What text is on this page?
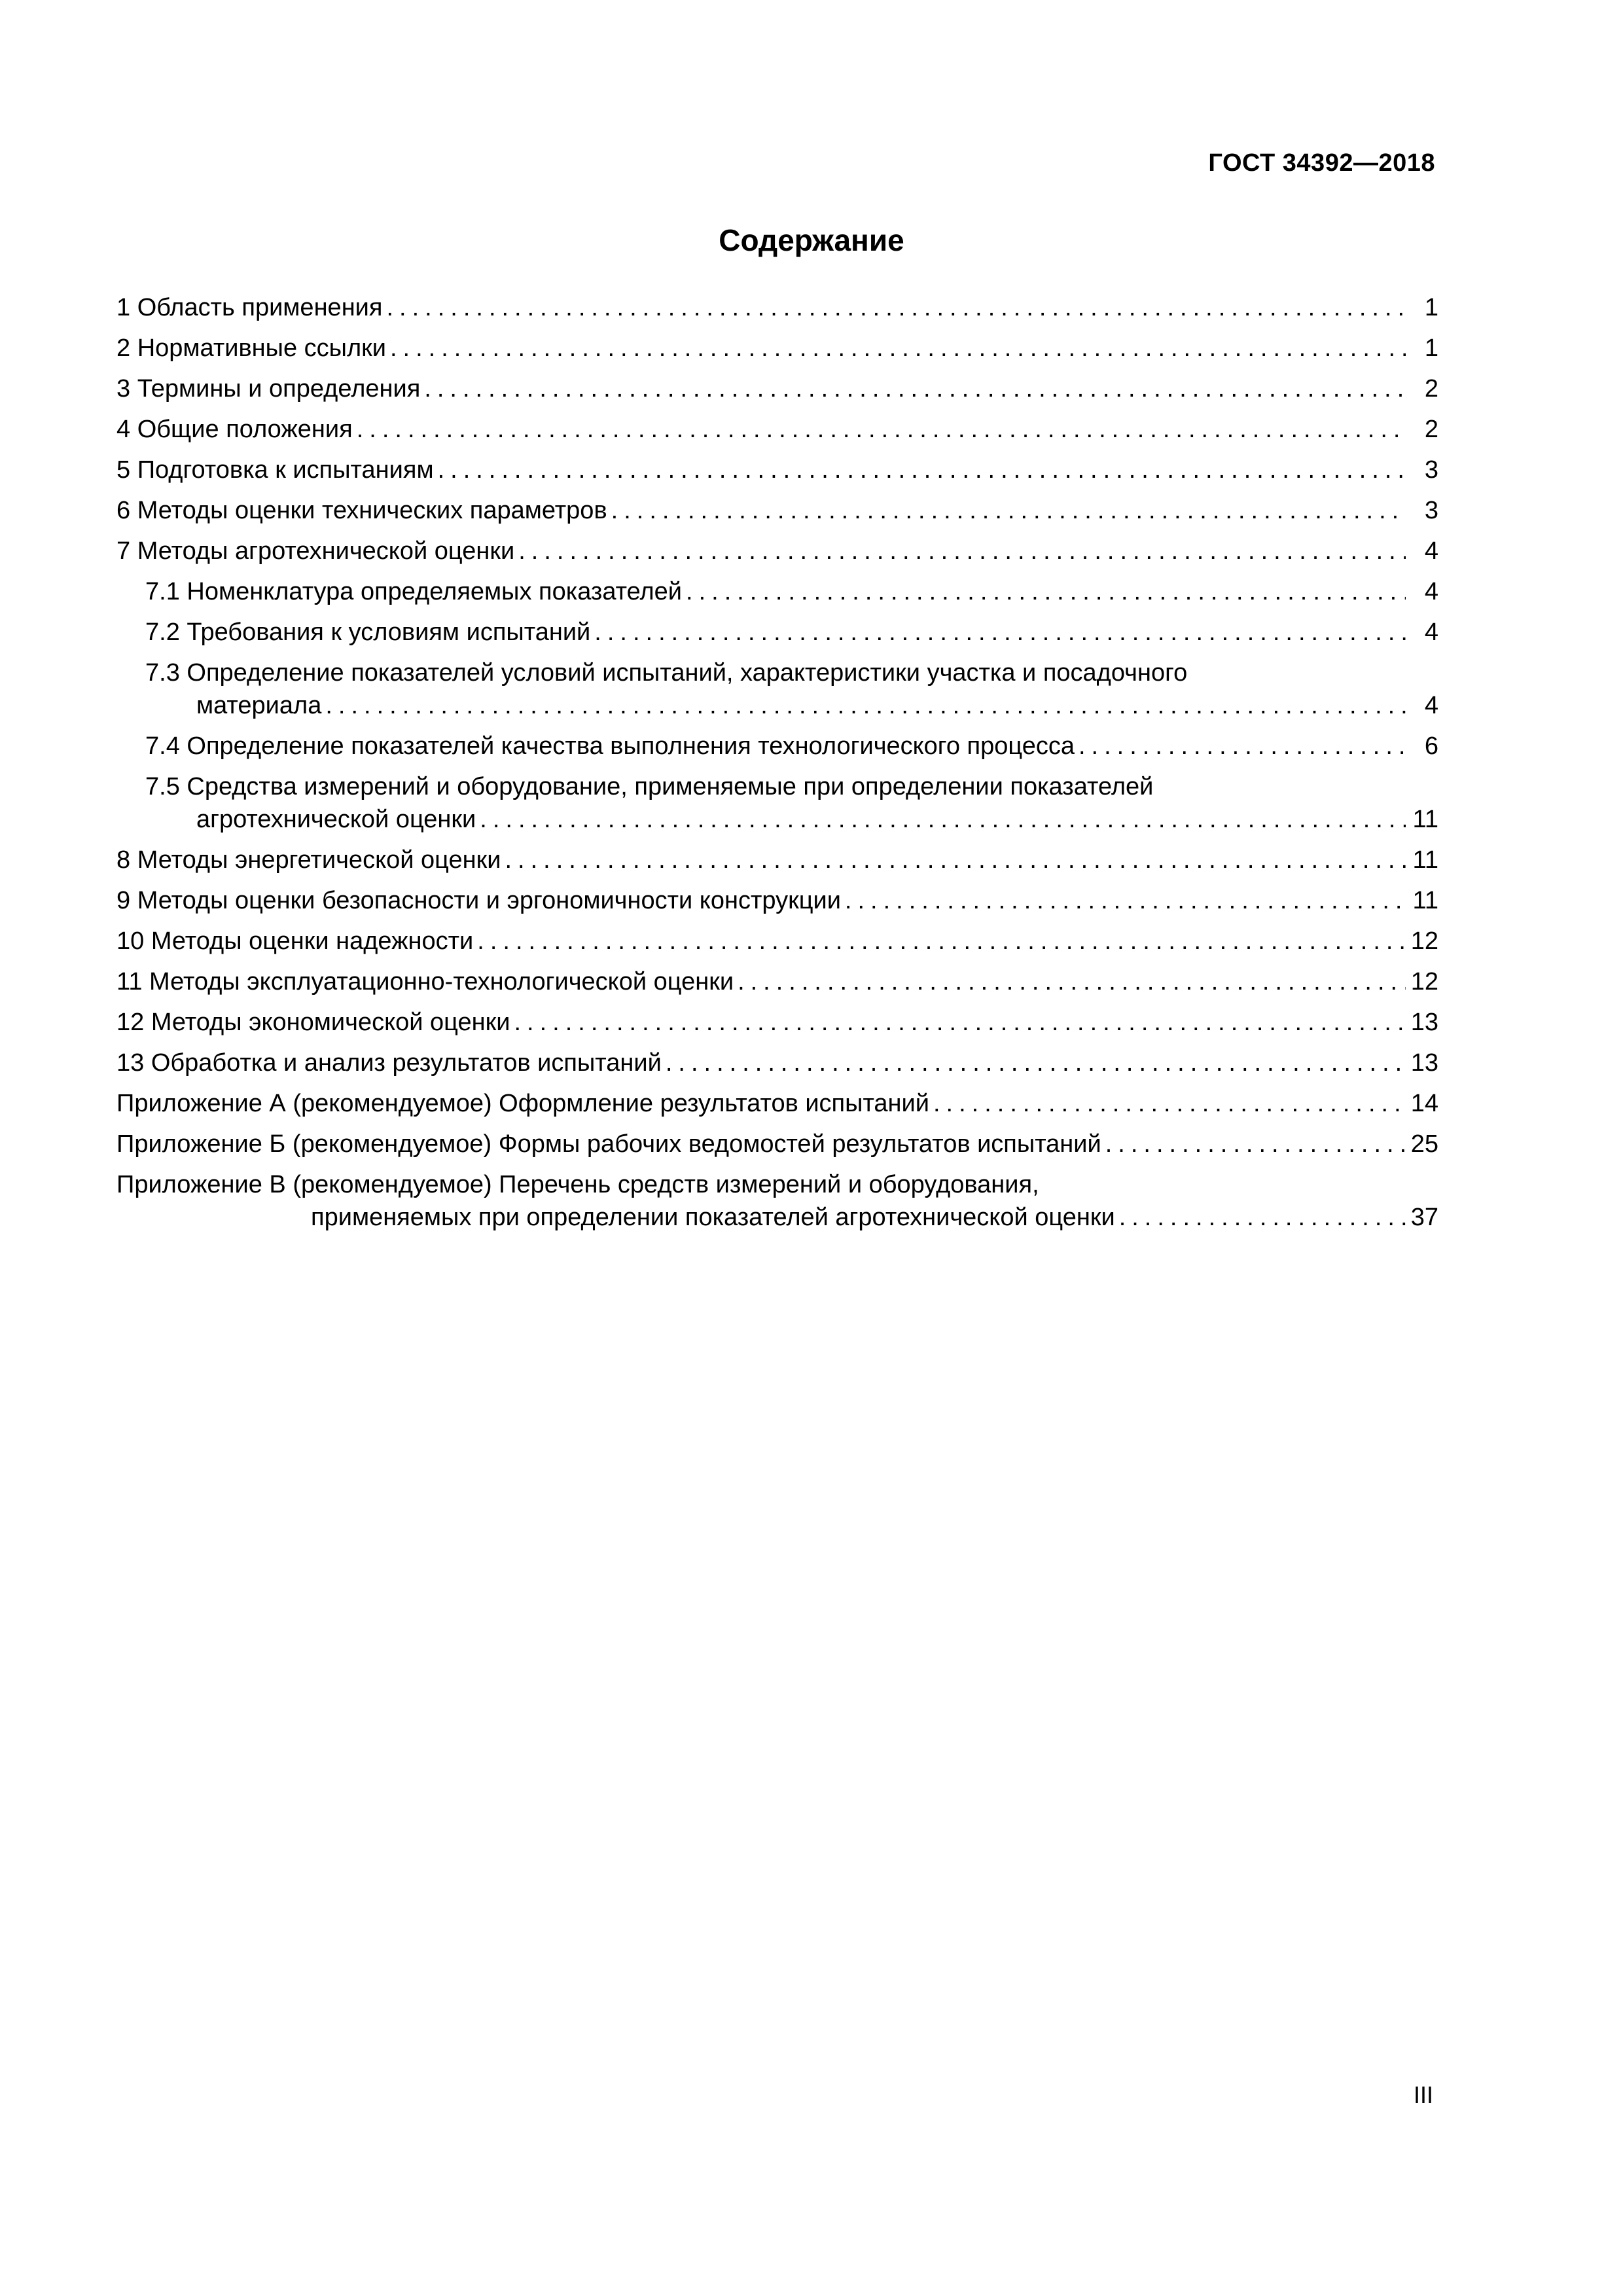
ГОСТ 34392—2018
Содержание
1 Область применения .....	1
2 Нормативные ссылки .....	1
3 Термины и определения .....	2
4 Общие положения .....	2
5 Подготовка к испытаниям .....	3
6 Методы оценки технических параметров .....	3
7 Методы агротехнической оценки .....	4
7.1 Номенклатура определяемых показателей .....	4
7.2 Требования к условиям испытаний .....	4
7.3 Определение показателей условий испытаний, характеристики участка и посадочного
материала .....	4
7.4 Определение показателей качества выполнения технологического процесса .....	6
7.5 Средства измерений и оборудование, применяемые при определении показателей
агротехнической оценки .....	11
8 Методы энергетической оценки .....	11
9 Методы оценки безопасности и эргономичности конструкции .....	11
10 Методы оценки надежности .....	12
11 Методы эксплуатационно-технологической оценки .....	12
12 Методы экономической оценки .....	13
13 Обработка и анализ результатов испытаний .....	13
Приложение А (рекомендуемое) Оформление результатов испытаний .....	14
Приложение Б (рекомендуемое) Формы рабочих ведомостей результатов испытаний .....	25
Приложение В (рекомендуемое) Перечень средств измерений и оборудования,
применяемых при определении показателей агротехнической оценки .....	37
III
